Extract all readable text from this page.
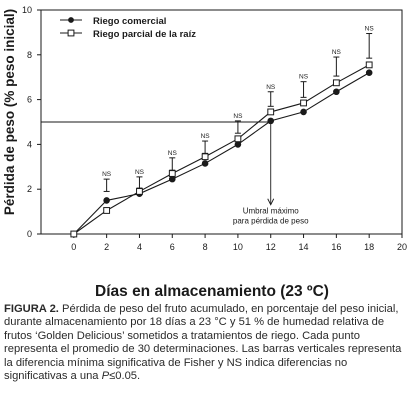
0	2	4	6	8	10	12	14	16	18	20
0
2
4
6
8
10
Umbral máximo
para pérdida de peso
NS	NS
NS
NS
NS
NS
NS
NS
NS
Riego comercial
Riego parcial de la raíz
Días en almacenamiento (23 ºC)
Pérdida de peso (% peso inicial)

FIGURA 2. Pérdida de peso del fruto acumulado, en porcentaje del peso inicial, durante almacenamiento por 18 días a 23 °C y 51 % de humedad relativa de frutos ‘Golden Delicious’ sometidos a tratamientos de riego. Cada punto representa el promedio de 30 determinaciones. Las barras verticales representa la diferencia mínima significativa de Fisher y NS indica diferencias no significativas a una P≤0.05.
